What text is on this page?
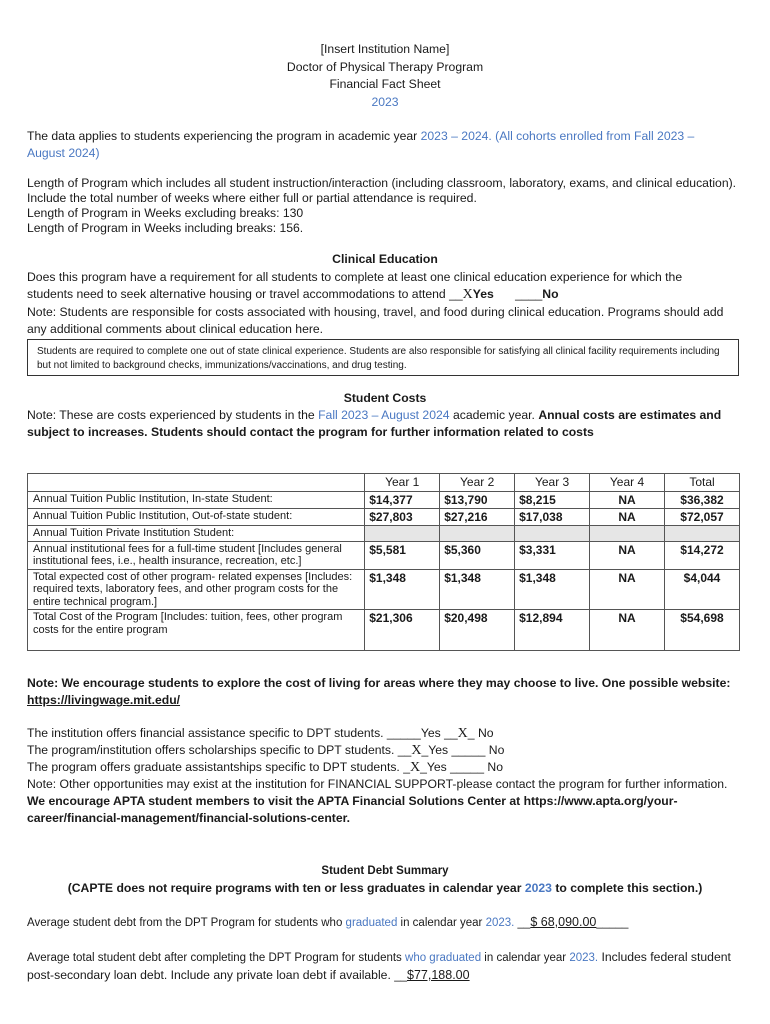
[Insert Institution Name]
Doctor of Physical Therapy Program
Financial Fact Sheet
2023
The data applies to students experiencing the program in academic year 2023 – 2024. (All cohorts enrolled from Fall 2023 –
August 2024)
Length of Program which includes all student instruction/interaction (including classroom, laboratory, exams, and clinical education). Include the total number of weeks where either full or partial attendance is required.
Length of Program in Weeks excluding breaks: 130
Length of Program in Weeks including breaks: 156.
Clinical Education
Does this program have a requirement for all students to complete at least one clinical education experience for which the
students need to seek alternative housing or travel accommodations to attend __XYes ____No
Note: Students are responsible for costs associated with housing, travel, and food during clinical education. Programs should add any additional comments about clinical education here.
Students are required to complete one out of state clinical experience. Students are also responsible for satisfying all clinical facility requirements including but not limited to background checks, immunizations/vaccinations, and drug testing.
Student Costs
Note: These are costs experienced by students in the Fall 2023 – August 2024 academic year. Annual costs are estimates and subject to increases. Students should contact the program for further information related to costs
	Year 1	Year 2	Year 3	Year 4	Total
Annual Tuition Public Institution, In-state Student:	$14,377	$13,790	$8,215	NA	$36,382
Annual Tuition Public Institution, Out-of-state student:	$27,803	$27,216	$17,038	NA	$72,057
Annual Tuition Private Institution Student:					
Annual institutional fees for a full-time student [Includes general institutional fees, i.e., health insurance, recreation, etc.]	$5,581	$5,360	$3,331	NA	$14,272
Total expected cost of other program- related expenses [Includes: required texts, laboratory fees, and other program costs for the entire technical program.]	$1,348	$1,348	$1,348	NA	$4,044
Total Cost of the Program [Includes: tuition, fees, other program costs for the entire program	$21,306	$20,498	$12,894	NA	$54,698
Note: We encourage students to explore the cost of living for areas where they may choose to live. One possible website:
https://livingwage.mit.edu/
The institution offers financial assistance specific to DPT students. _____Yes __X_ No
The program/institution offers scholarships specific to DPT students. __X_Yes _____ No
The program offers graduate assistantships specific to DPT students. _X_Yes _____ No
Note: Other opportunities may exist at the institution for FINANCIAL SUPPORT-please contact the program for further information.
We encourage APTA student members to visit the APTA Financial Solutions Center at https://www.apta.org/your-career/financial-management/financial-solutions-center.
Student Debt Summary
(CAPTE does not require programs with ten or less graduates in calendar year 2023 to complete this section.)
Average student debt from the DPT Program for students who graduated in calendar year 2023. __$ 68,090.00_____
Average total student debt after completing the DPT Program for students who graduated in calendar year 2023. Includes federal student
post-secondary loan debt. Include any private loan debt if available. __$77,188.00
